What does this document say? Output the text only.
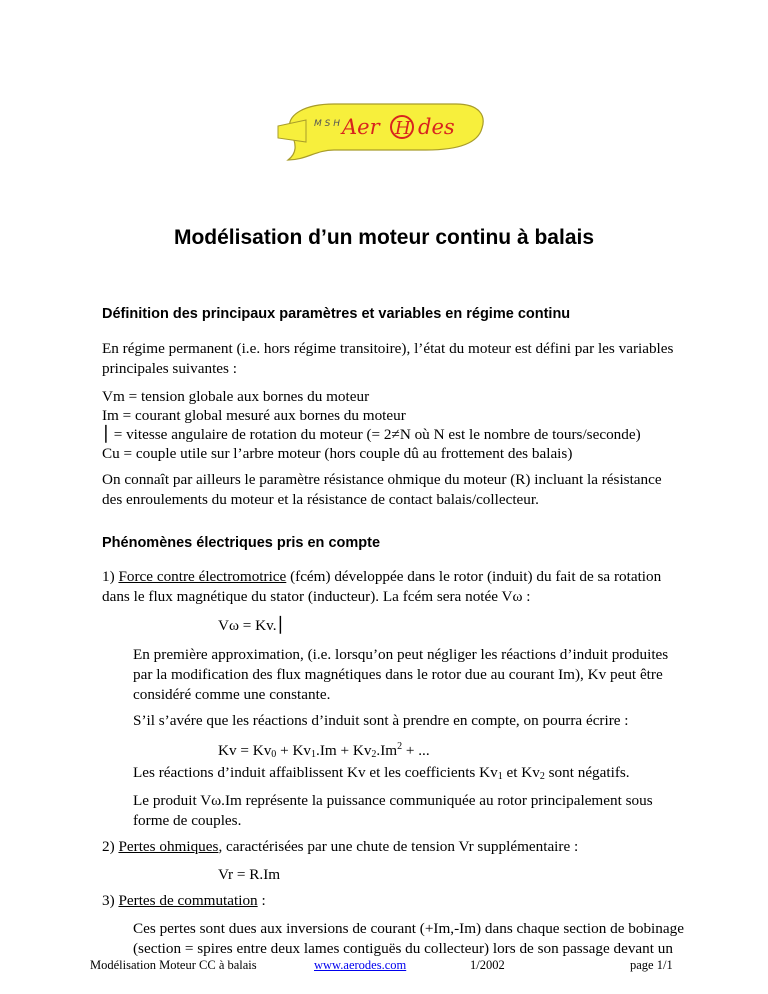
M S H Aer H des
Modélisation d’un moteur continu à balais
Définition des principaux paramètres et variables en régime continu
En régime permanent (i.e. hors régime transitoire), l’état du moteur est défini par les variables
principales suivantes :
Vm = tension globale aux bornes du moteur
Im = courant global mesuré aux bornes du moteur
⎮ = vitesse angulaire de rotation du moteur (= 2≠N où N est le nombre de tours/seconde)
Cu = couple utile sur l’arbre moteur (hors couple dû au frottement des balais)
On connaît par ailleurs le paramètre résistance ohmique du moteur (R) incluant la résistance
des enroulements du moteur et la résistance de contact balais/collecteur.
Phénomènes électriques pris en compte
1) Force contre électromotrice (fcém) développée dans le rotor (induit) du fait de sa rotation
dans le flux magnétique du stator (inducteur). La fcém sera notée Vω :
Vω = Kv.⎮
En première approximation, (i.e. lorsqu’on peut négliger les réactions d’induit produites
par la modification des flux magnétiques dans le rotor due au courant Im), Kv peut être
considéré comme une constante.
S’il s’avére que les réactions d’induit sont à prendre en compte, on pourra écrire :
$Kv = Kv_0 + Kv_1.Im + Kv_2.Im^2$ + ...
Les réactions d’induit affaiblissent Kv et les coefficients $Kv_1$ et $Kv_2$ sont négatifs.
Le produit Vω.Im représente la puissance communiquée au rotor principalement sous
forme de couples.
2) Pertes ohmiques, caractérisées par une chute de tension Vr supplémentaire :
Vr = R.Im
3) Pertes de commutation :
Ces pertes sont dues aux inversions de courant (+Im,-Im) dans chaque section de bobinage
(section = spires entre deux lames contiguës du collecteur) lors de son passage devant un
Modélisation Moteur CC à balais	www.aerodes.com	1/2002	page 1/1
